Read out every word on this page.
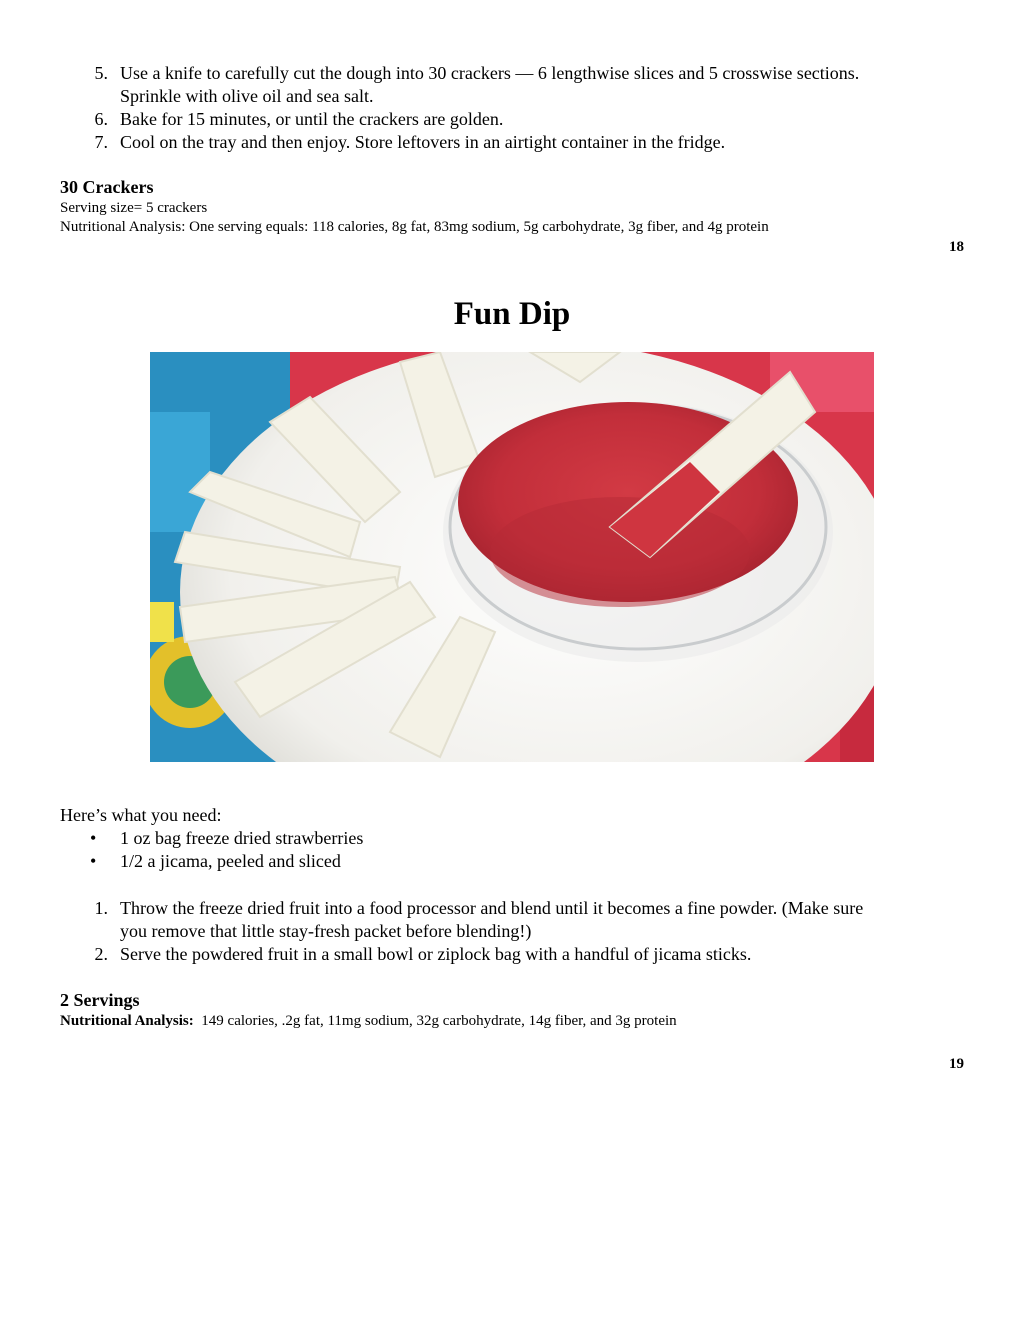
5. Use a knife to carefully cut the dough into 30 crackers — 6 lengthwise slices and 5 crosswise sections.
Sprinkle with olive oil and sea salt.
6. Bake for 15 minutes, or until the crackers are golden.
7. Cool on the tray and then enjoy. Store leftovers in an airtight container in the fridge.
30 Crackers
Serving size= 5 crackers
Nutritional Analysis: One serving equals: 118 calories, 8g fat, 83mg sodium, 5g carbohydrate, 3g fiber, and 4g protein
18
Fun Dip
Here’s what you need:
• 1 oz bag freeze dried strawberries
• 1/2 a jicama, peeled and sliced
1. Throw the freeze dried fruit into a food processor and blend until it becomes a fine powder. (Make sure
you remove that little stay-fresh packet before blending!)
2. Serve the powdered fruit in a small bowl or ziplock bag with a handful of jicama sticks.
2 Servings
Nutritional Analysis: 149 calories, .2g fat, 11mg sodium, 32g carbohydrate, 14g fiber, and 3g protein
19
